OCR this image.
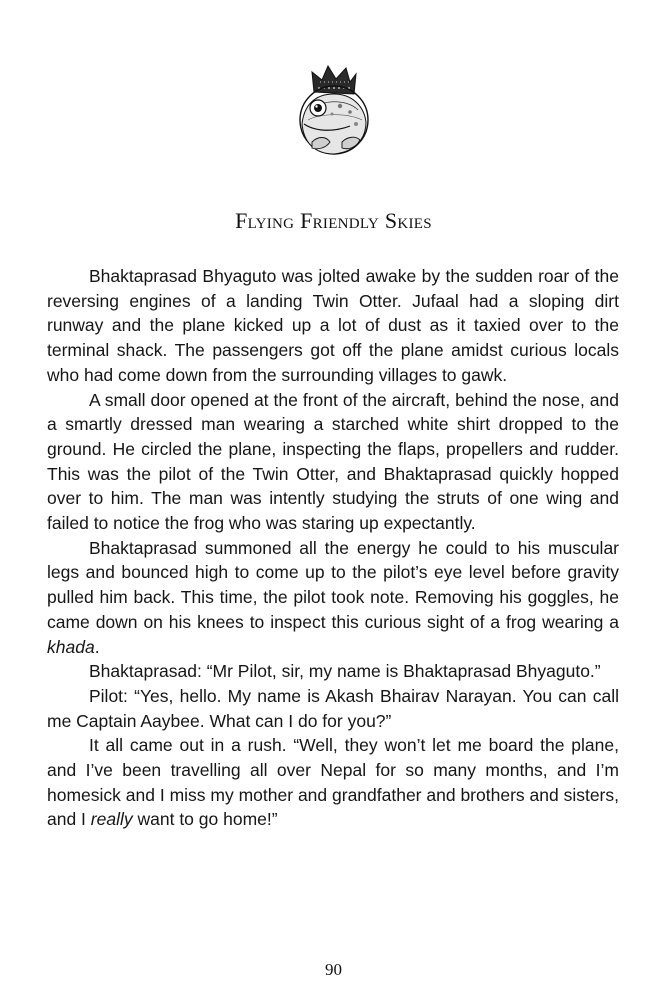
Flying Friendly Skies

Bhaktaprasad Bhyaguto was jolted awake by the sudden roar of the reversing engines of a landing Twin Otter. Jufaal had a sloping dirt runway and the plane kicked up a lot of dust as it taxied over to the terminal shack. The passengers got off the plane amidst curious locals who had come down from the surrounding villages to gawk.

A small door opened at the front of the aircraft, behind the nose, and a smartly dressed man wearing a starched white shirt dropped to the ground. He circled the plane, inspecting the flaps, propellers and rudder. This was the pilot of the Twin Otter, and Bhaktaprasad quickly hopped over to him. The man was intently studying the struts of one wing and failed to notice the frog who was staring up expectantly.

Bhaktaprasad summoned all the energy he could to his muscular legs and bounced high to come up to the pilot’s eye level before gravity pulled him back. This time, the pilot took note. Removing his goggles, he came down on his knees to inspect this curious sight of a frog wearing a khada.

Bhaktaprasad: “Mr Pilot, sir, my name is Bhaktaprasad Bhyaguto.”

Pilot: “Yes, hello. My name is Akash Bhairav Narayan. You can call me Captain Aaybee. What can I do for you?”

It all came out in a rush. “Well, they won’t let me board the plane, and I’ve been travelling all over Nepal for so many months, and I’m homesick and I miss my mother and grandfather and brothers and sisters, and I really want to go home!”

90
